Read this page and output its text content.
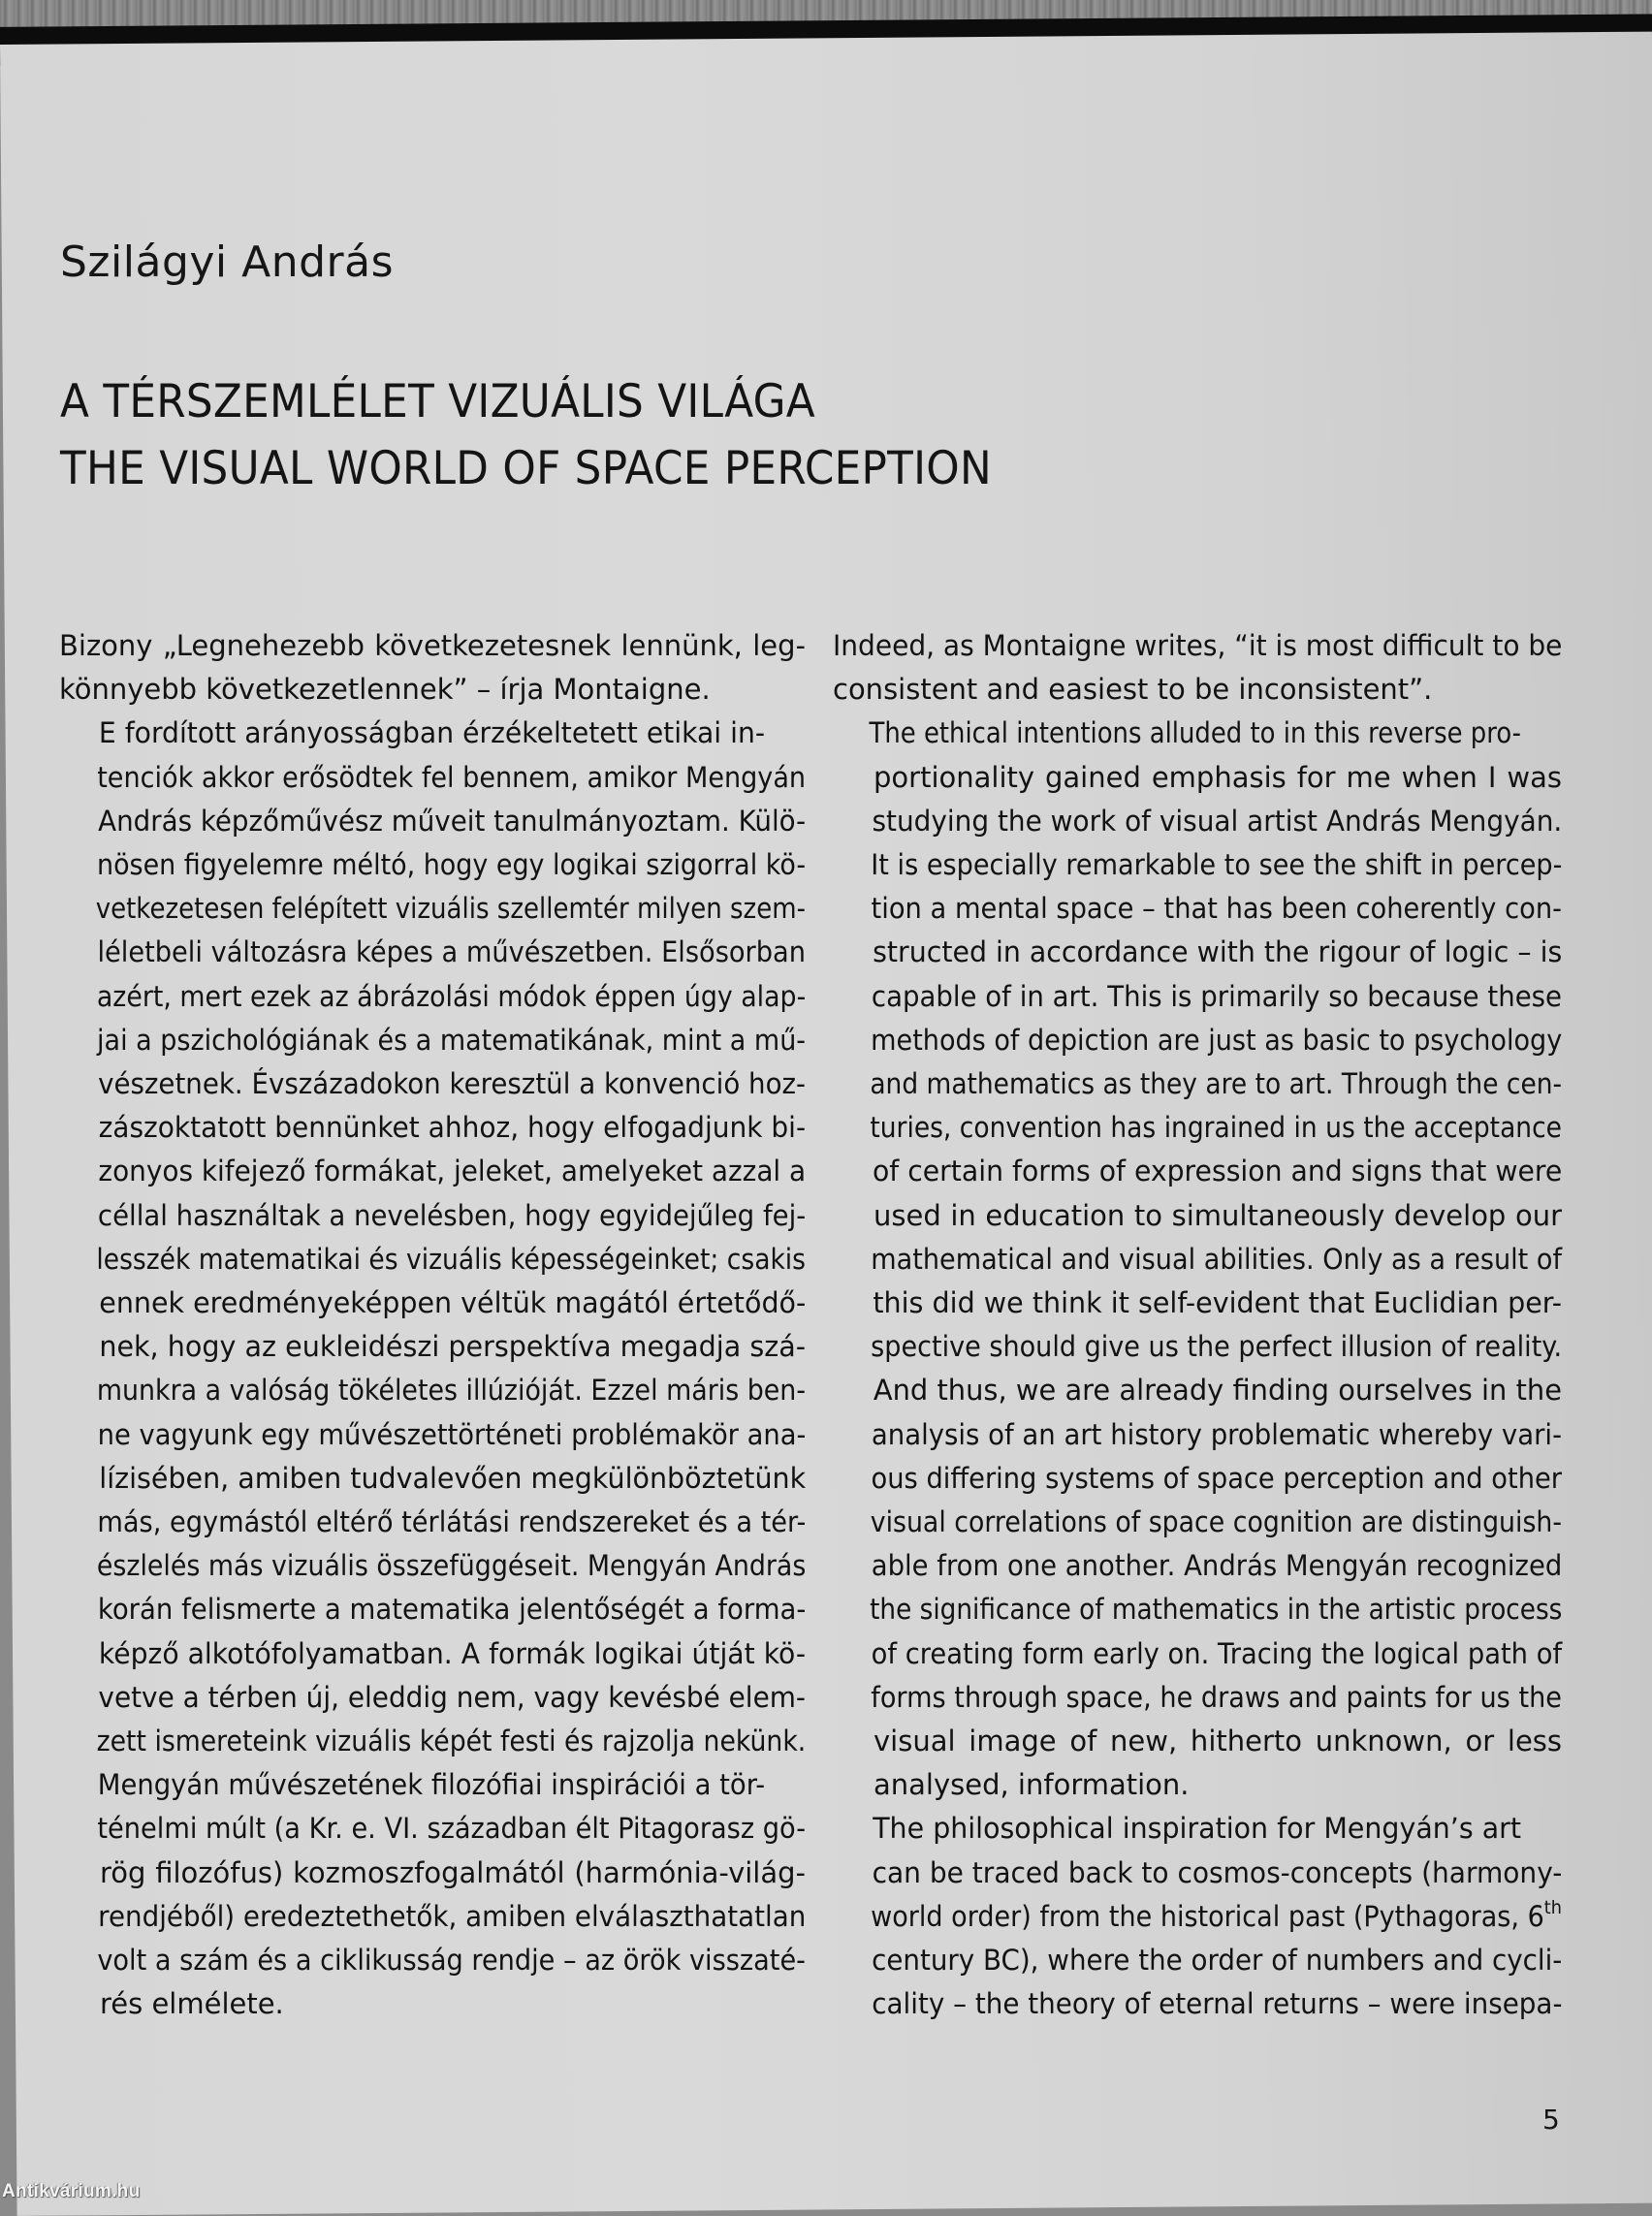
Szilágyi András
A TÉRSZEMLÉLET VIZUÁLIS VILÁGA
THE VISUAL WORLD OF SPACE PERCEPTION

Bizony „Legnehezebb következetesnek lennünk, leg-
könnyebb következetlennek” – írja Montaigne.

E fordított arányosságban érzékeltetett etikai in-
tenciók akkor erősödtek fel bennem, amikor Mengyán
András képzőművész műveit tanulmányoztam. Külö-
nösen figyelemre méltó, hogy egy logikai szigorral kö-
vetkezetesen felépített vizuális szellemtér milyen szem-
léletbeli változásra képes a művészetben. Elsősorban
azért, mert ezek az ábrázolási módok éppen úgy alap-
jai a pszichológiának és a matematikának, mint a mű-
vészetnek. Évszázadokon keresztül a konvenció hoz-
zászoktatott bennünket ahhoz, hogy elfogadjunk bi-
zonyos kifejező formákat, jeleket, amelyeket azzal a
céllal használtak a nevelésben, hogy egyidejűleg fej-
lesszék matematikai és vizuális képességeinket; csakis
ennek eredményeképpen véltük magától értetődő-
nek, hogy az eukleidészi perspektíva megadja szá-
munkra a valóság tökéletes illúzióját. Ezzel máris ben-
ne vagyunk egy művészettörténeti problémakör ana-
lízisében, amiben tudvalevően megkülönböztetünk
más, egymástól eltérő térlátási rendszereket és a tér-
észlelés más vizuális összefüggéseit. Mengyán András
korán felismerte a matematika jelentőségét a forma-
képző alkotófolyamatban. A formák logikai útját kö-
vetve a térben új, eleddig nem, vagy kevésbé elem-
zett ismereteink vizuális képét festi és rajzolja nekünk.

Mengyán művészetének filozófiai inspirációi a tör-
ténelmi múlt (a Kr. e. VI. században élt Pitagorasz gö-
rög filozófus) kozmoszfogalmától (harmónia-világ-
rendjéből) eredeztethetők, amiben elválaszthatatlan
volt a szám és a ciklikusság rendje – az örök visszaté-
rés elmélete.

Indeed, as Montaigne writes, “it is most difficult to be
consistent and easiest to be inconsistent”.

The ethical intentions alluded to in this reverse pro-
portionality gained emphasis for me when I was
studying the work of visual artist András Mengyán.
It is especially remarkable to see the shift in percep-
tion a mental space – that has been coherently con-
structed in accordance with the rigour of logic – is
capable of in art. This is primarily so because these
methods of depiction are just as basic to psychology
and mathematics as they are to art. Through the cen-
turies, convention has ingrained in us the acceptance
of certain forms of expression and signs that were
used in education to simultaneously develop our
mathematical and visual abilities. Only as a result of
this did we think it self-evident that Euclidian per-
spective should give us the perfect illusion of reality.
And thus, we are already finding ourselves in the
analysis of an art history problematic whereby vari-
ous differing systems of space perception and other
visual correlations of space cognition are distinguish-
able from one another. András Mengyán recognized
the significance of mathematics in the artistic process
of creating form early on. Tracing the logical path of
forms through space, he draws and paints for us the
visual image of new, hitherto unknown, or less
analysed, information.

The philosophical inspiration for Mengyán’s art
can be traced back to cosmos-concepts (harmony-
world order) from the historical past (Pythagoras, 6th
century BC), where the order of numbers and cycli-
cality – the theory of eternal returns – were insepa-

5
Antikvárium.hu
